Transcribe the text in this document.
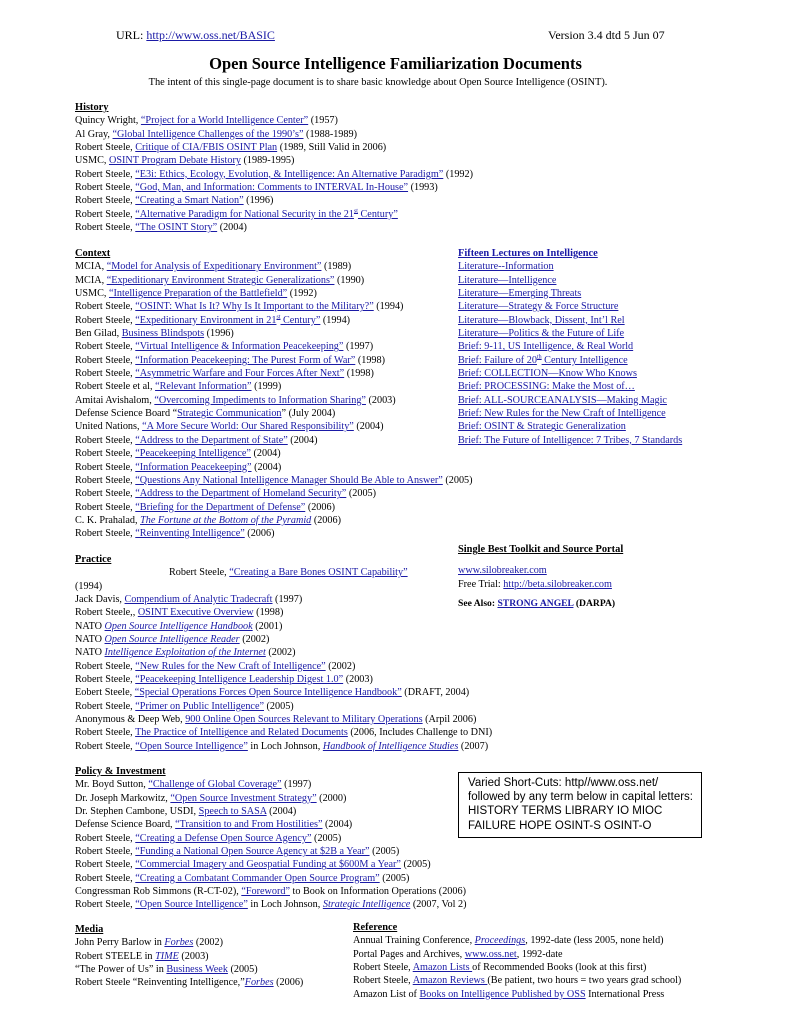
URL: http://www.oss.net/BASIC	Version 3.4 dtd 5 Jun 07
Open Source Intelligence Familiarization Documents
The intent of this single-page document is to share basic knowledge about Open Source Intelligence (OSINT).
History
Quincy Wright, “Project for a World Intelligence Center” (1957)
Al Gray, “Global Intelligence Challenges of the 1990’s” (1988-1989)
Robert Steele, Critique of CIA/FBIS OSINT Plan (1989, Still Valid in 2006)
USMC, OSINT Program Debate History (1989-1995)
Robert Steele, “E3i: Ethics, Ecology, Evolution, & Intelligence: An Alternative Paradigm” (1992)
Robert Steele, “God, Man, and Information: Comments to INTERVAL In-House” (1993)
Robert Steele, “Creating a Smart Nation” (1996)
Robert Steele, “Alternative Paradigm for National Security in the 21st Century”
Robert Steele, “The OSINT Story” (2004)
Context
MCIA, “Model for Analysis of Expeditionary Environment” (1989)
MCIA, “Expeditionary Environment Strategic Generalizations” (1990)
USMC, “Intelligence Preparation of the Battlefield” (1992)
Robert Steele, “OSINT: What Is It? Why Is It Important to the Military?” (1994)
Robert Steele, “Expeditionary Environment in 21st Century” (1994)
Ben Gilad, Business Blindspots (1996)
Robert Steele, “Virtual Intelligence & Information Peacekeeping” (1997)
Robert Steele, “Information Peacekeeping: The Purest Form of War” (1998)
Robert Steele, “Asymmetric Warfare and Four Forces After Next” (1998)
Robert Steele et al, “Relevant Information” (1999)
Amitai Avishalom, “Overcoming Impediments to Information Sharing” (2003)
Defense Science Board “Strategic Communication” (July 2004)
United Nations, “A More Secure World: Our Shared Responsibility” (2004)
Robert Steele, “Address to the Department of State” (2004)
Robert Steele, “Peacekeeping Intelligence” (2004)
Robert Steele, “Information Peacekeeping” (2004)
Robert Steele, “Questions Any National Intelligence Manager Should Be Able to Answer” (2005)
Robert Steele, “Address to the Department of Homeland Security” (2005)
Robert Steele, “Briefing for the Department of Defense” (2006)
C. K. Prahalad, The Fortune at the Bottom of the Pyramid (2006)
Robert Steele, “Reinventing Intelligence” (2006)
Fifteen Lectures on Intelligence
Literature--Information
Literature—Intelligence
Literature—Emerging Threats
Literature—Strategy & Force Structure
Literature—Blowback, Dissent, Int’l Rel
Literature—Politics & the Future of Life
Brief: 9-11, US Intelligence, & Real World
Brief: Failure of 20th Century Intelligence
Brief: COLLECTION—Know Who Knows
Brief: PROCESSING: Make the Most of…
Brief: ALL-SOURCEANALYSIS—Making Magic
Brief: New Rules for the New Craft of Intelligence
Brief: OSINT & Strategic Generalization
Brief: The Future of Intelligence: 7 Tribes, 7 Standards
Single Best Toolkit and Source Portal
www.silobreaker.com
Free Trial: http://beta.silobreaker.com
See Also: STRONG ANGEL (DARPA)
Practice
Robert Steele, “Creating a Bare Bones OSINT Capability”
(1994)
Jack Davis, Compendium of Analytic Tradecraft (1997)
Robert Steele,, OSINT Executive Overview (1998)
NATO Open Source Intelligence Handbook (2001)
NATO Open Source Intelligence Reader (2002)
NATO Intelligence Exploitation of the Internet (2002)
Robert Steele, “New Rules for the New Craft of Intelligence” (2002)
Robert Steele, “Peacekeeping Intelligence Leadership Digest 1.0” (2003)
Eobert Steele, “Special Operations Forces Open Source Intelligence Handbook” (DRAFT, 2004)
Robert Steele, “Primer on Public Intelligence” (2005)
Anonymous & Deep Web, 900 Online Open Sources Relevant to Military Operations (Arpil 2006)
Robert Steele, The Practice of Intelligence and Related Documents (2006, Includes Challenge to DNI)
Robert Steele, “Open Source Intelligence” in Loch Johnson, Handbook of Intelligence Studies (2007)
Policy & Investment
Mr. Boyd Sutton, “Challenge of Global Coverage” (1997)
Dr. Joseph Markowitz, “Open Source Investment Strategy” (2000)
Dr. Stephen Cambone, USDI, Speech to SASA (2004)
Defense Science Board, “Transition to and From Hostilities” (2004)
Robert Steele, “Creating a Defense Open Source Agency” (2005)
Robert Steele, “Funding a National Open Source Agency at $2B a Year” (2005)
Robert Steele, “Commercial Imagery and Geospatial Funding at $600M a Year” (2005)
Robert Steele, “Creating a Combatant Commander Open Source Program” (2005)
Congressman Rob Simmons (R-CT-02), “Foreword” to Book on Information Operations (2006)
Robert Steele, “Open Source Intelligence” in Loch Johnson, Strategic Intelligence (2007, Vol 2)
Varied Short-Cuts: http//www.oss.net/
followed by any term below in capital letters:
HISTORY TERMS LIBRARY IO MIOC
FAILURE HOPE OSINT-S OSINT-O
Media
John Perry Barlow in Forbes (2002)
Robert STEELE in TIME (2003)
“The Power of Us” in Business Week (2005)
Robert Steele “Reinventing Intelligence,”Forbes (2006)
Reference
Annual Training Conference, Proceedings, 1992-date (less 2005, none held)
Portal Pages and Archives, www.oss.net, 1992-date
Robert Steele, Amazon Lists of Recommended Books (look at this first)
Robert Steele, Amazon Reviews (Be patient, two hours = two years grad school)
Amazon List of Books on Intelligence Published by OSS International Press
